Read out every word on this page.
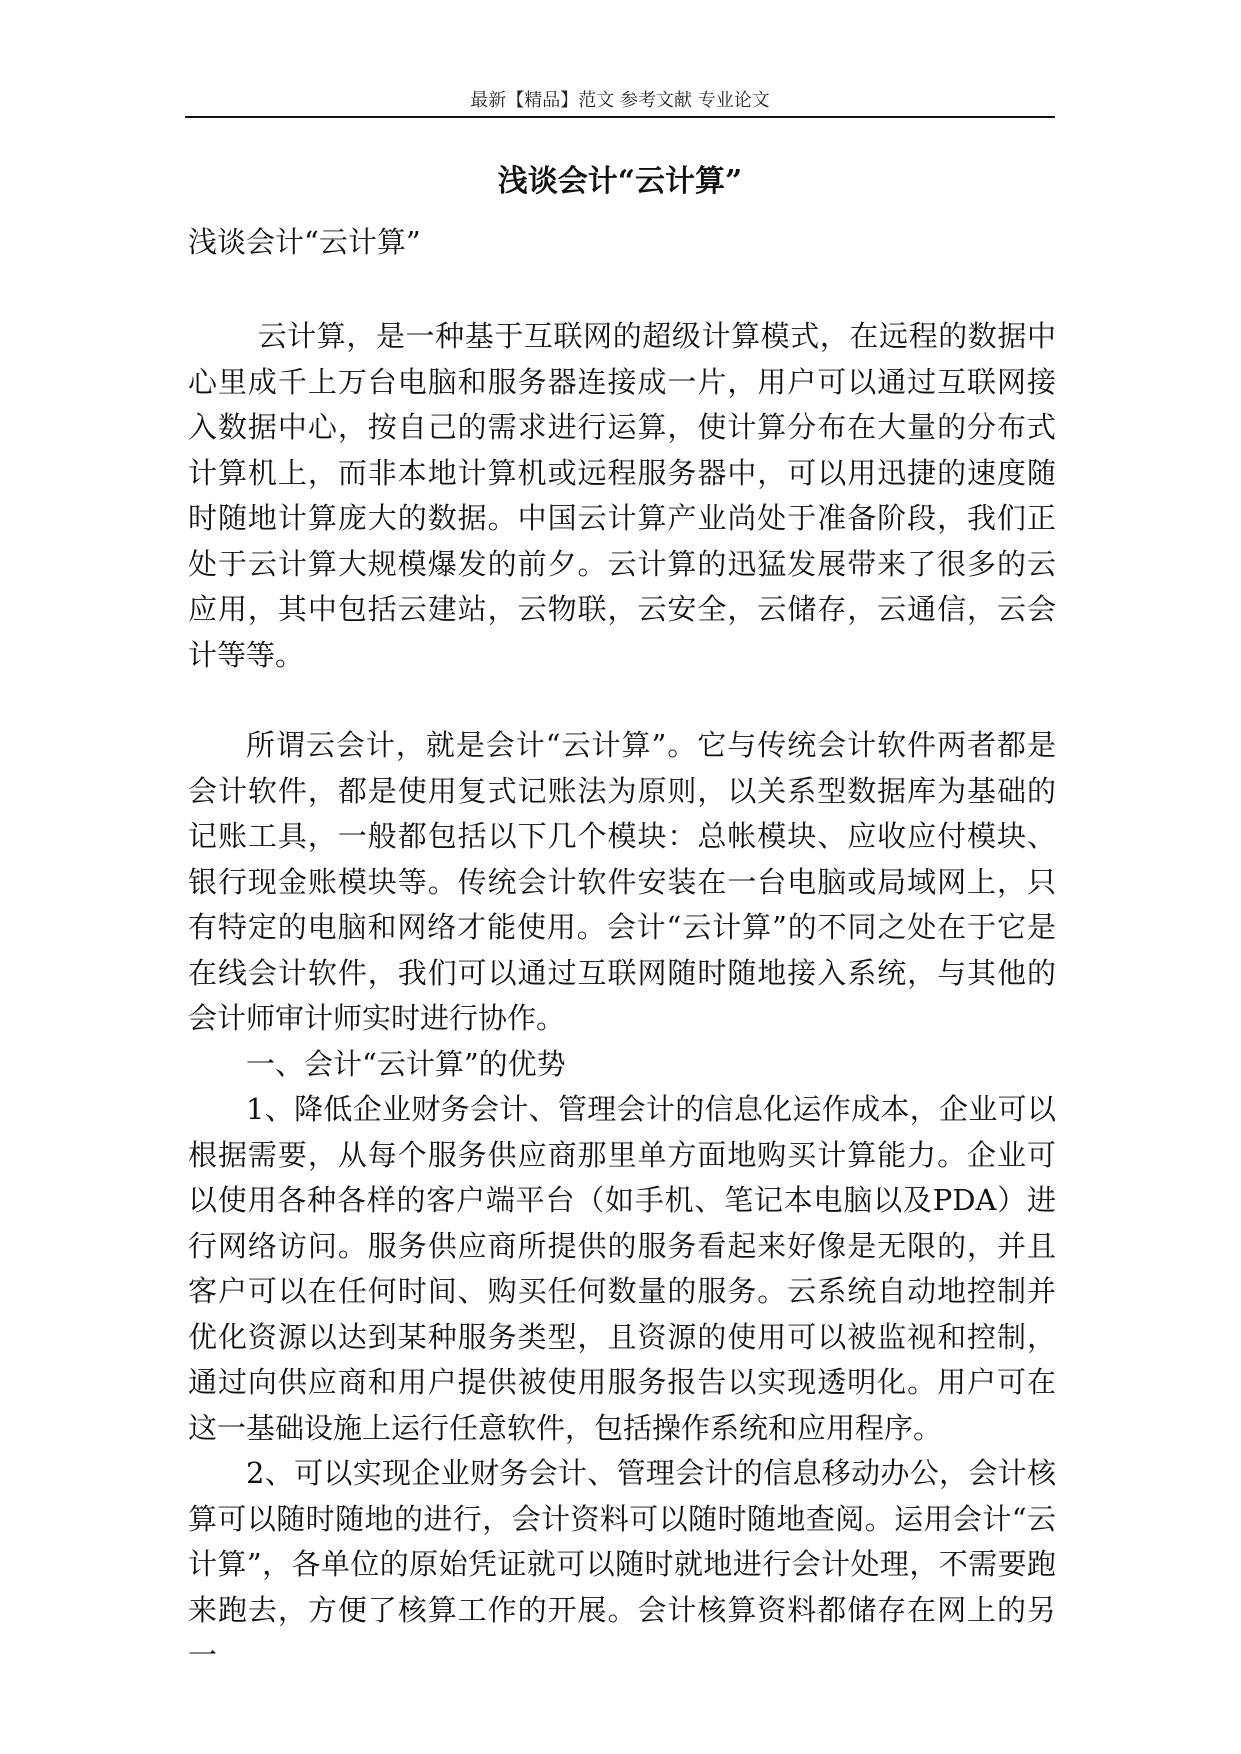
最新【精品】范文 参考文献 专业论文
浅谈会计“云计算”

浅谈会计“云计算”

云计算，是一种基于互联网的超级计算模式，在远程的数据中心里成千上万台电脑和服务器连接成一片，用户可以通过互联网接入数据中心，按自己的需求进行运算，使计算分布在大量的分布式计算机上，而非本地计算机或远程服务器中，可以用迅捷的速度随时随地计算庞大的数据。中国云计算产业尚处于准备阶段，我们正处于云计算大规模爆发的前夕。云计算的迅猛发展带来了很多的云应用，其中包括云建站，云物联，云安全，云储存，云通信，云会计等等。

所谓云会计，就是会计“云计算”。它与传统会计软件两者都是会计软件，都是使用复式记账法为原则，以关系型数据库为基础的记账工具，一般都包括以下几个模块：总帐模块、应收应付模块、银行现金账模块等。传统会计软件安装在一台电脑或局域网上，只有特定的电脑和网络才能使用。会计“云计算”的不同之处在于它是在线会计软件，我们可以通过互联网随时随地接入系统，与其他的会计师审计师实时进行协作。

一、会计“云计算”的优势

1、降低企业财务会计、管理会计的信息化运作成本，企业可以根据需要，从每个服务供应商那里单方面地购买计算能力。企业可以使用各种各样的客户端平台（如手机、笔记本电脑以及PDA）进行网络访问。服务供应商所提供的服务看起来好像是无限的，并且客户可以在任何时间、购买任何数量的服务。云系统自动地控制并优化资源以达到某种服务类型，且资源的使用可以被监视和控制，通过向供应商和用户提供被使用服务报告以实现透明化。用户可在这一基础设施上运行任意软件，包括操作系统和应用程序。

2、可以实现企业财务会计、管理会计的信息移动办公，会计核算可以随时随地的进行，会计资料可以随时随地查阅。运用会计“云计算”，各单位的原始凭证就可以随时就地进行会计处理，不需要跑来跑去，方便了核算工作的开展。会计核算资料都储存在网上的另一
